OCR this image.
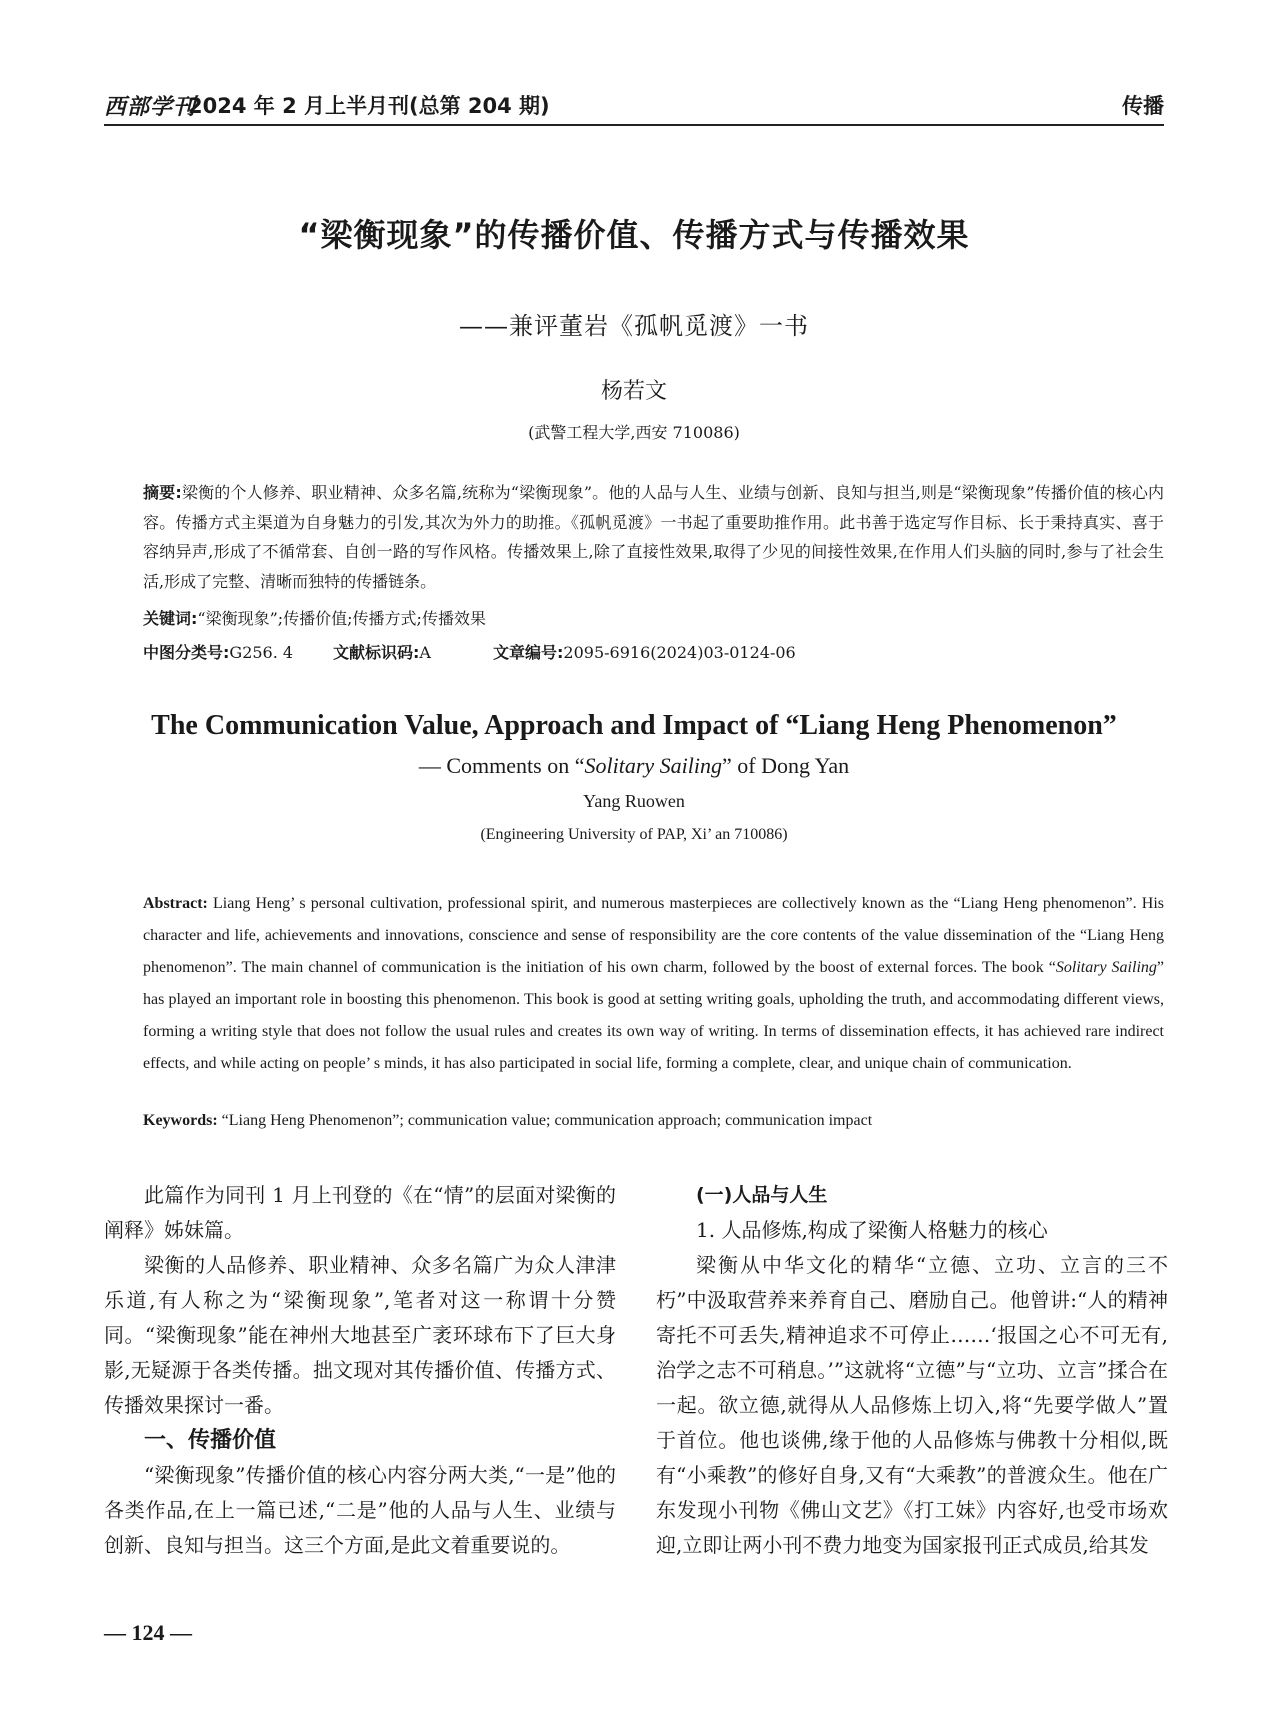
西部学刊
2024 年 2 月上半月刊(总第 204 期)	传播
“梁衡现象”的传播价值、传播方式与传播效果
——兼评董岩《孤帆觅渡》一书
杨若文
(武警工程大学,西安 710086)
摘要:梁衡的个人修养、职业精神、众多名篇,统称为“梁衡现象”。他的人品与人生、业绩与创新、良知与担当,则是“梁衡现象”传播价值的核心内容。传播方式主渠道为自身魅力的引发,其次为外力的助推。《孤帆觅渡》一书起了重要助推作用。此书善于选定写作目标、长于秉持真实、喜于容纳异声,形成了不循常套、自创一路的写作风格。传播效果上,除了直接性效果,取得了少见的间接性效果,在作用人们头脑的同时,参与了社会生活,形成了完整、清晰而独特的传播链条。
关键词:“梁衡现象”;传播价值;传播方式;传播效果
中图分类号:G256. 4 文献标识码:A	文章编号:2095-6916(2024)03-0124-06
The Communication Value, Approach and Impact of “Liang Heng Phenomenon”
— Comments on “Solitary Sailing” of Dong Yan
Yang Ruowen
(Engineering University of PAP, Xi’ an 710086)
Abstract: Liang Heng’ s personal cultivation, professional spirit, and numerous masterpieces are collectively known as the “Liang Heng phenomenon”. His character and life, achievements and innovations, conscience and sense of responsibility are the core contents of the value dissemination of the “Liang Heng phenomenon”. The main channel of communication is the initiation of his own charm, followed by the boost of external forces. The book “Solitary Sailing” has played an important role in boosting this phenomenon. This book is good at setting writing goals, upholding the truth, and accommodating different views, forming a writing style that does not follow the usual rules and creates its own way of writing. In terms of dissemination effects, it has achieved rare indirect effects, and while acting on people’ s minds, it has also participated in social life, forming a complete, clear, and unique chain of communication.
Keywords: “Liang Heng Phenomenon”; communication value; communication approach; communication impact

此篇作为同刊 1 月上刊登的《在“情”的层面对梁衡的阐释》姊妹篇。

梁衡的人品修养、职业精神、众多名篇广为众人津津乐道,有人称之为“梁衡现象”,笔者对这一称谓十分赞同。“梁衡现象”能在神州大地甚至广袤环球布下了巨大身影,无疑源于各类传播。拙文现对其传播价值、传播方式、传播效果探讨一番。

一、传播价值

“梁衡现象”传播价值的核心内容分两大类,“一是”他的各类作品,在上一篇已述,“二是”他的人品与人生、业绩与创新、良知与担当。这三个方面,是此文着重要说的。

(一)人品与人生
1. 人品修炼,构成了梁衡人格魅力的核心

梁衡从中华文化的精华“立德、立功、立言的三不朽”中汲取营养来养育自己、磨励自己。他曾讲:“人的精神寄托不可丢失,精神追求不可停止……‘报国之心不可无有,治学之志不可稍息。’”这就将“立德”与“立功、立言”揉合在一起。欲立德,就得从人品修炼上切入,将“先要学做人”置于首位。他也谈佛,缘于他的人品修炼与佛教十分相似,既有“小乘教”的修好自身,又有“大乘教”的普渡众生。他在广东发现小刊物《佛山文艺》《打工妹》内容好,也受市场欢迎,立即让两小刊不费力地变为国家报刊正式成员,给其发

— 124 —
